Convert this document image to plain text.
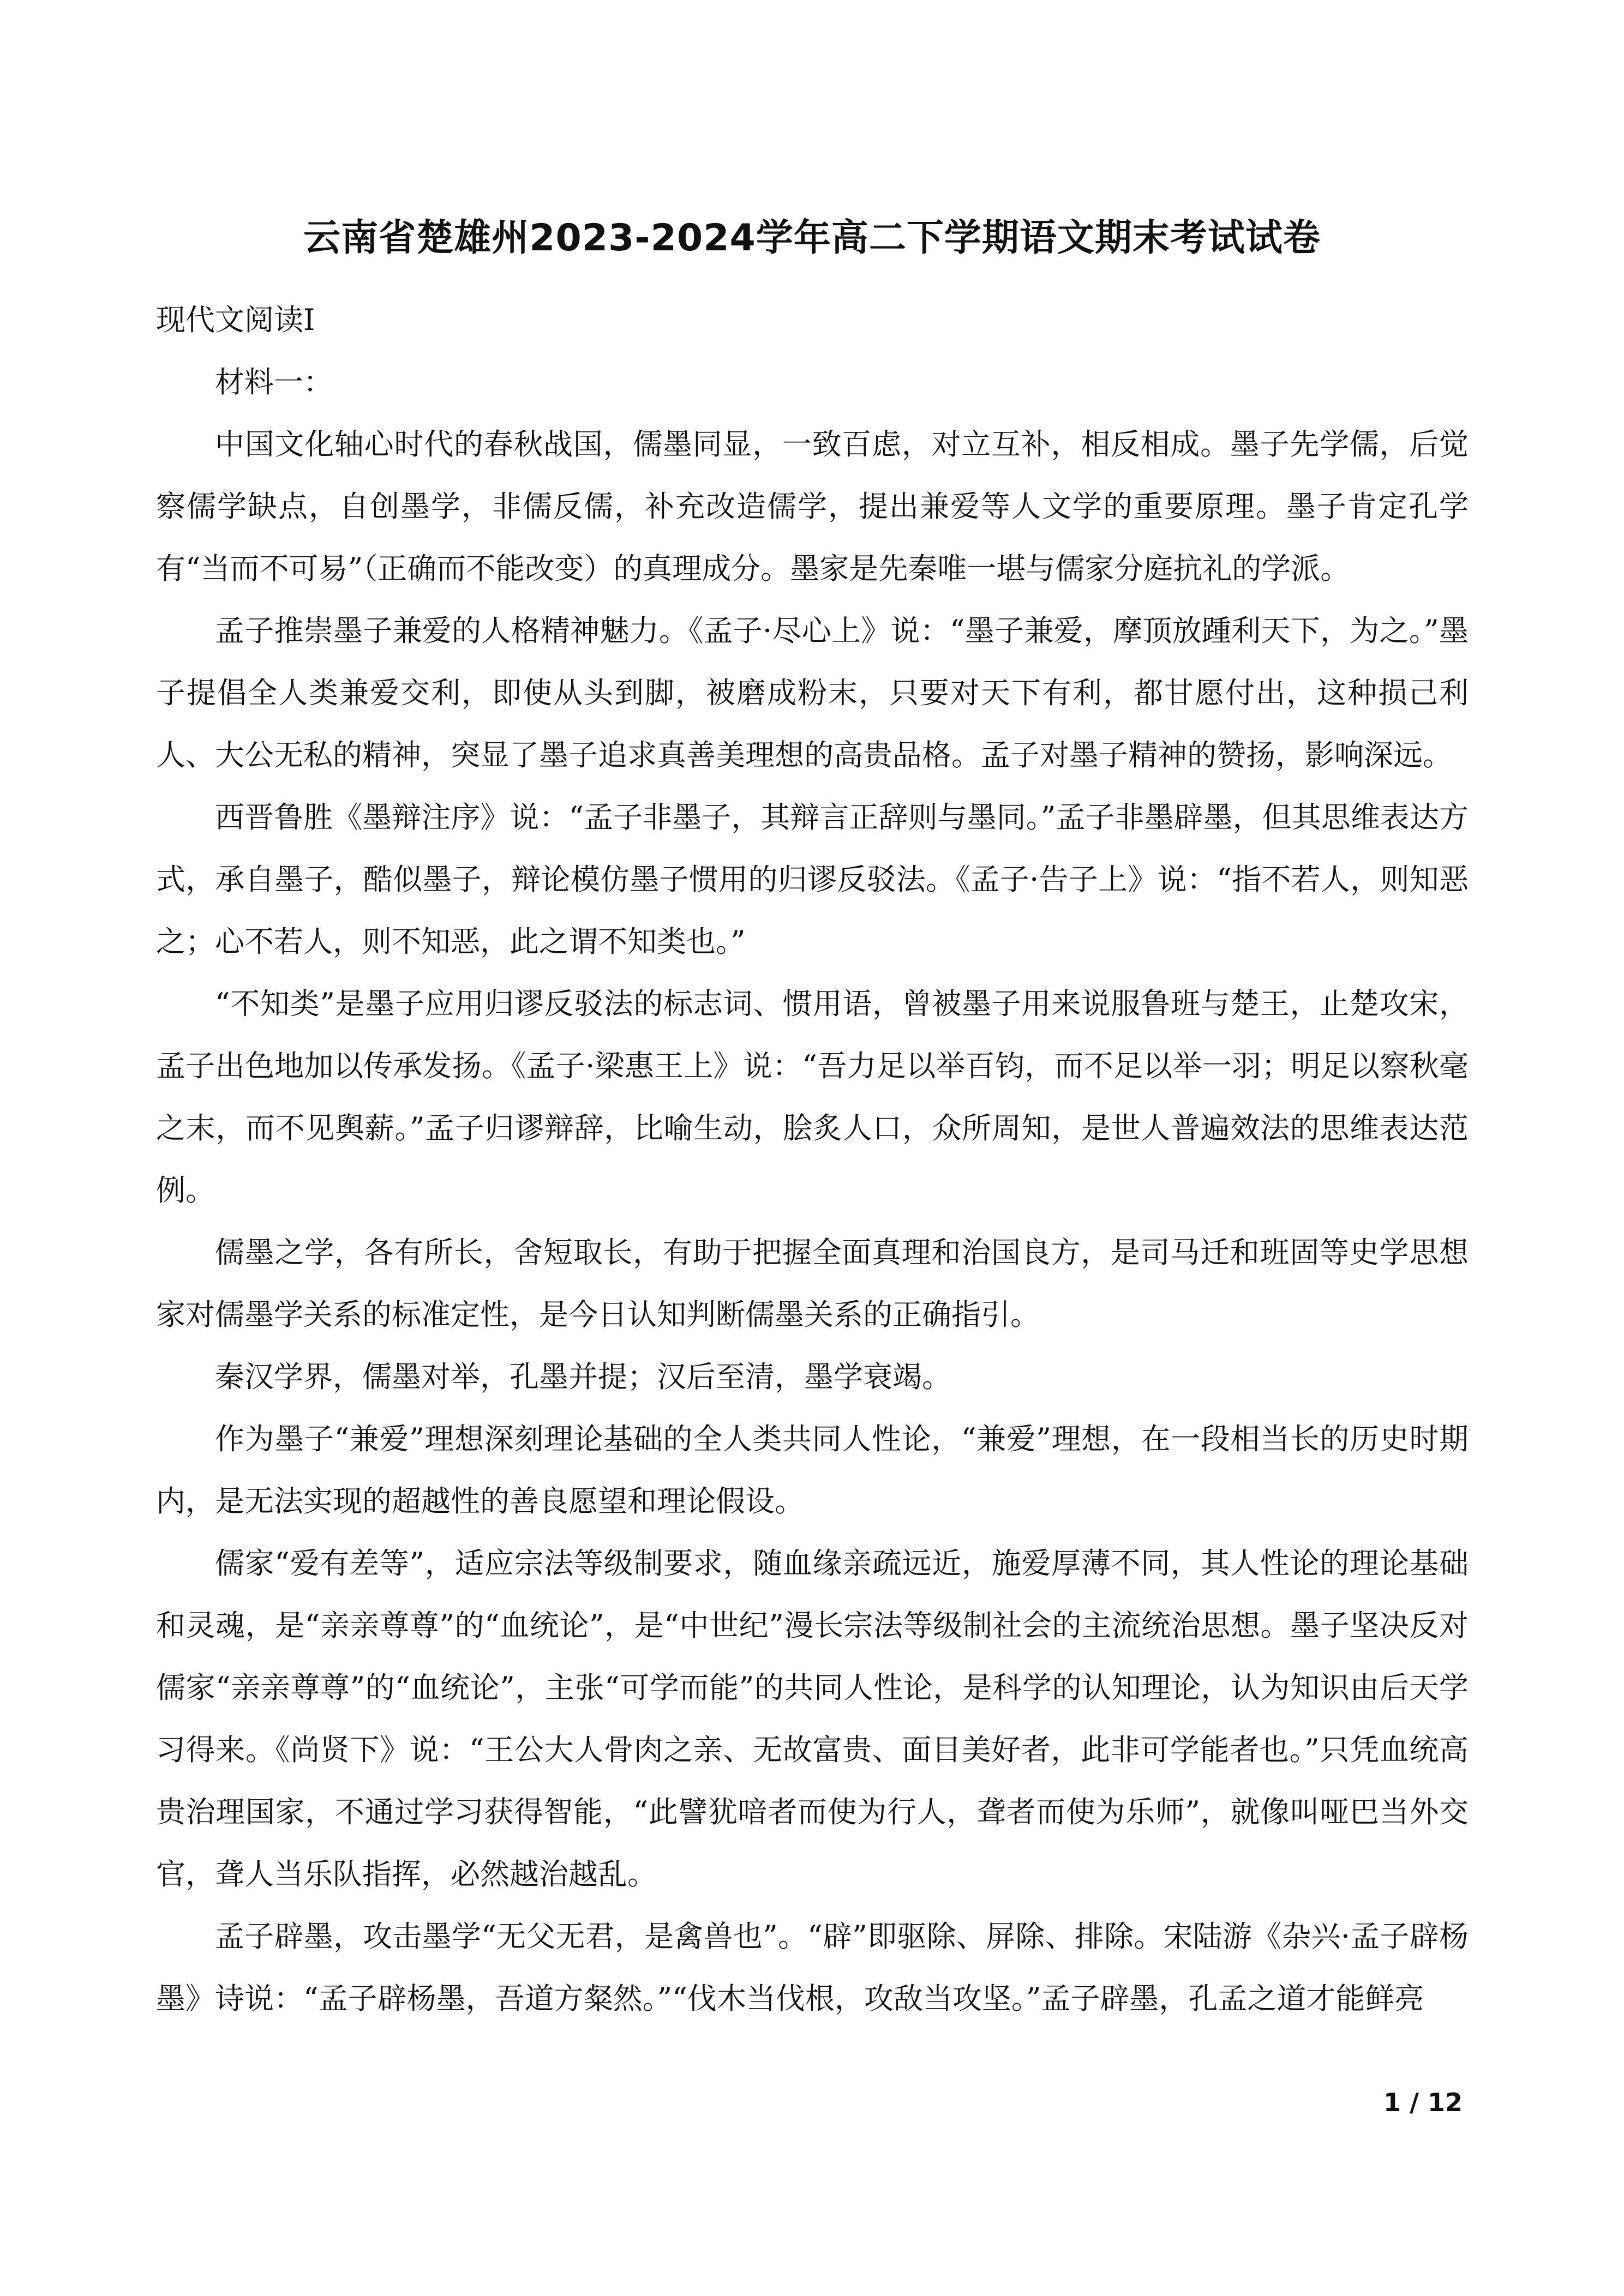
云南省楚雄州2023-2024学年高二下学期语文期末考试试卷

现代文阅读I

材料一：

中国文化轴心时代的春秋战国，儒墨同显，一致百虑，对立互补，相反相成。墨子先学儒，后觉察儒学缺点，自创墨学，非儒反儒，补充改造儒学，提出兼爱等人文学的重要原理。墨子肯定孔学有“当而不可易”（正确而不能改变）的真理成分。墨家是先秦唯一堪与儒家分庭抗礼的学派。

孟子推崇墨子兼爱的人格精神魅力。《孟子·尽心上》说：“墨子兼爱，摩顶放踵利天下，为之。”墨子提倡全人类兼爱交利，即使从头到脚，被磨成粉末，只要对天下有利，都甘愿付出，这种损己利人、大公无私的精神，突显了墨子追求真善美理想的高贵品格。孟子对墨子精神的赞扬，影响深远。

西晋鲁胜《墨辩注序》说：“孟子非墨子，其辩言正辞则与墨同。”孟子非墨辟墨，但其思维表达方式，承自墨子，酷似墨子，辩论模仿墨子惯用的归谬反驳法。《孟子·告子上》说：“指不若人，则知恶之；心不若人，则不知恶，此之谓不知类也。”

“不知类”是墨子应用归谬反驳法的标志词、惯用语，曾被墨子用来说服鲁班与楚王，止楚攻宋，孟子出色地加以传承发扬。《孟子·梁惠王上》说：“吾力足以举百钧，而不足以举一羽；明足以察秋毫之末，而不见舆薪。”孟子归谬辩辞，比喻生动，脍炙人口，众所周知，是世人普遍效法的思维表达范例。

儒墨之学，各有所长，舍短取长，有助于把握全面真理和治国良方，是司马迁和班固等史学思想家对儒墨学关系的标准定性，是今日认知判断儒墨关系的正确指引。

秦汉学界，儒墨对举，孔墨并提；汉后至清，墨学衰竭。

作为墨子“兼爱”理想深刻理论基础的全人类共同人性论，“兼爱”理想，在一段相当长的历史时期内，是无法实现的超越性的善良愿望和理论假设。

儒家“爱有差等”，适应宗法等级制要求，随血缘亲疏远近，施爱厚薄不同，其人性论的理论基础和灵魂，是“亲亲尊尊”的“血统论”，是“中世纪”漫长宗法等级制社会的主流统治思想。墨子坚决反对儒家“亲亲尊尊”的“血统论”，主张“可学而能”的共同人性论，是科学的认知理论，认为知识由后天学习得来。《尚贤下》说：“王公大人骨肉之亲、无故富贵、面目美好者，此非可学能者也。”只凭血统高贵治理国家，不通过学习获得智能，“此譬犹喑者而使为行人，聋者而使为乐师”，就像叫哑巴当外交官，聋人当乐队指挥，必然越治越乱。

孟子辟墨，攻击墨学“无父无君，是禽兽也”。“辟”即驱除、屏除、排除。宋陆游《杂兴·孟子辟杨墨》诗说：“孟子辟杨墨，吾道方粲然。”“伐木当伐根，攻敌当攻坚。”孟子辟墨，孔孟之道才能鲜亮

1 / 12
